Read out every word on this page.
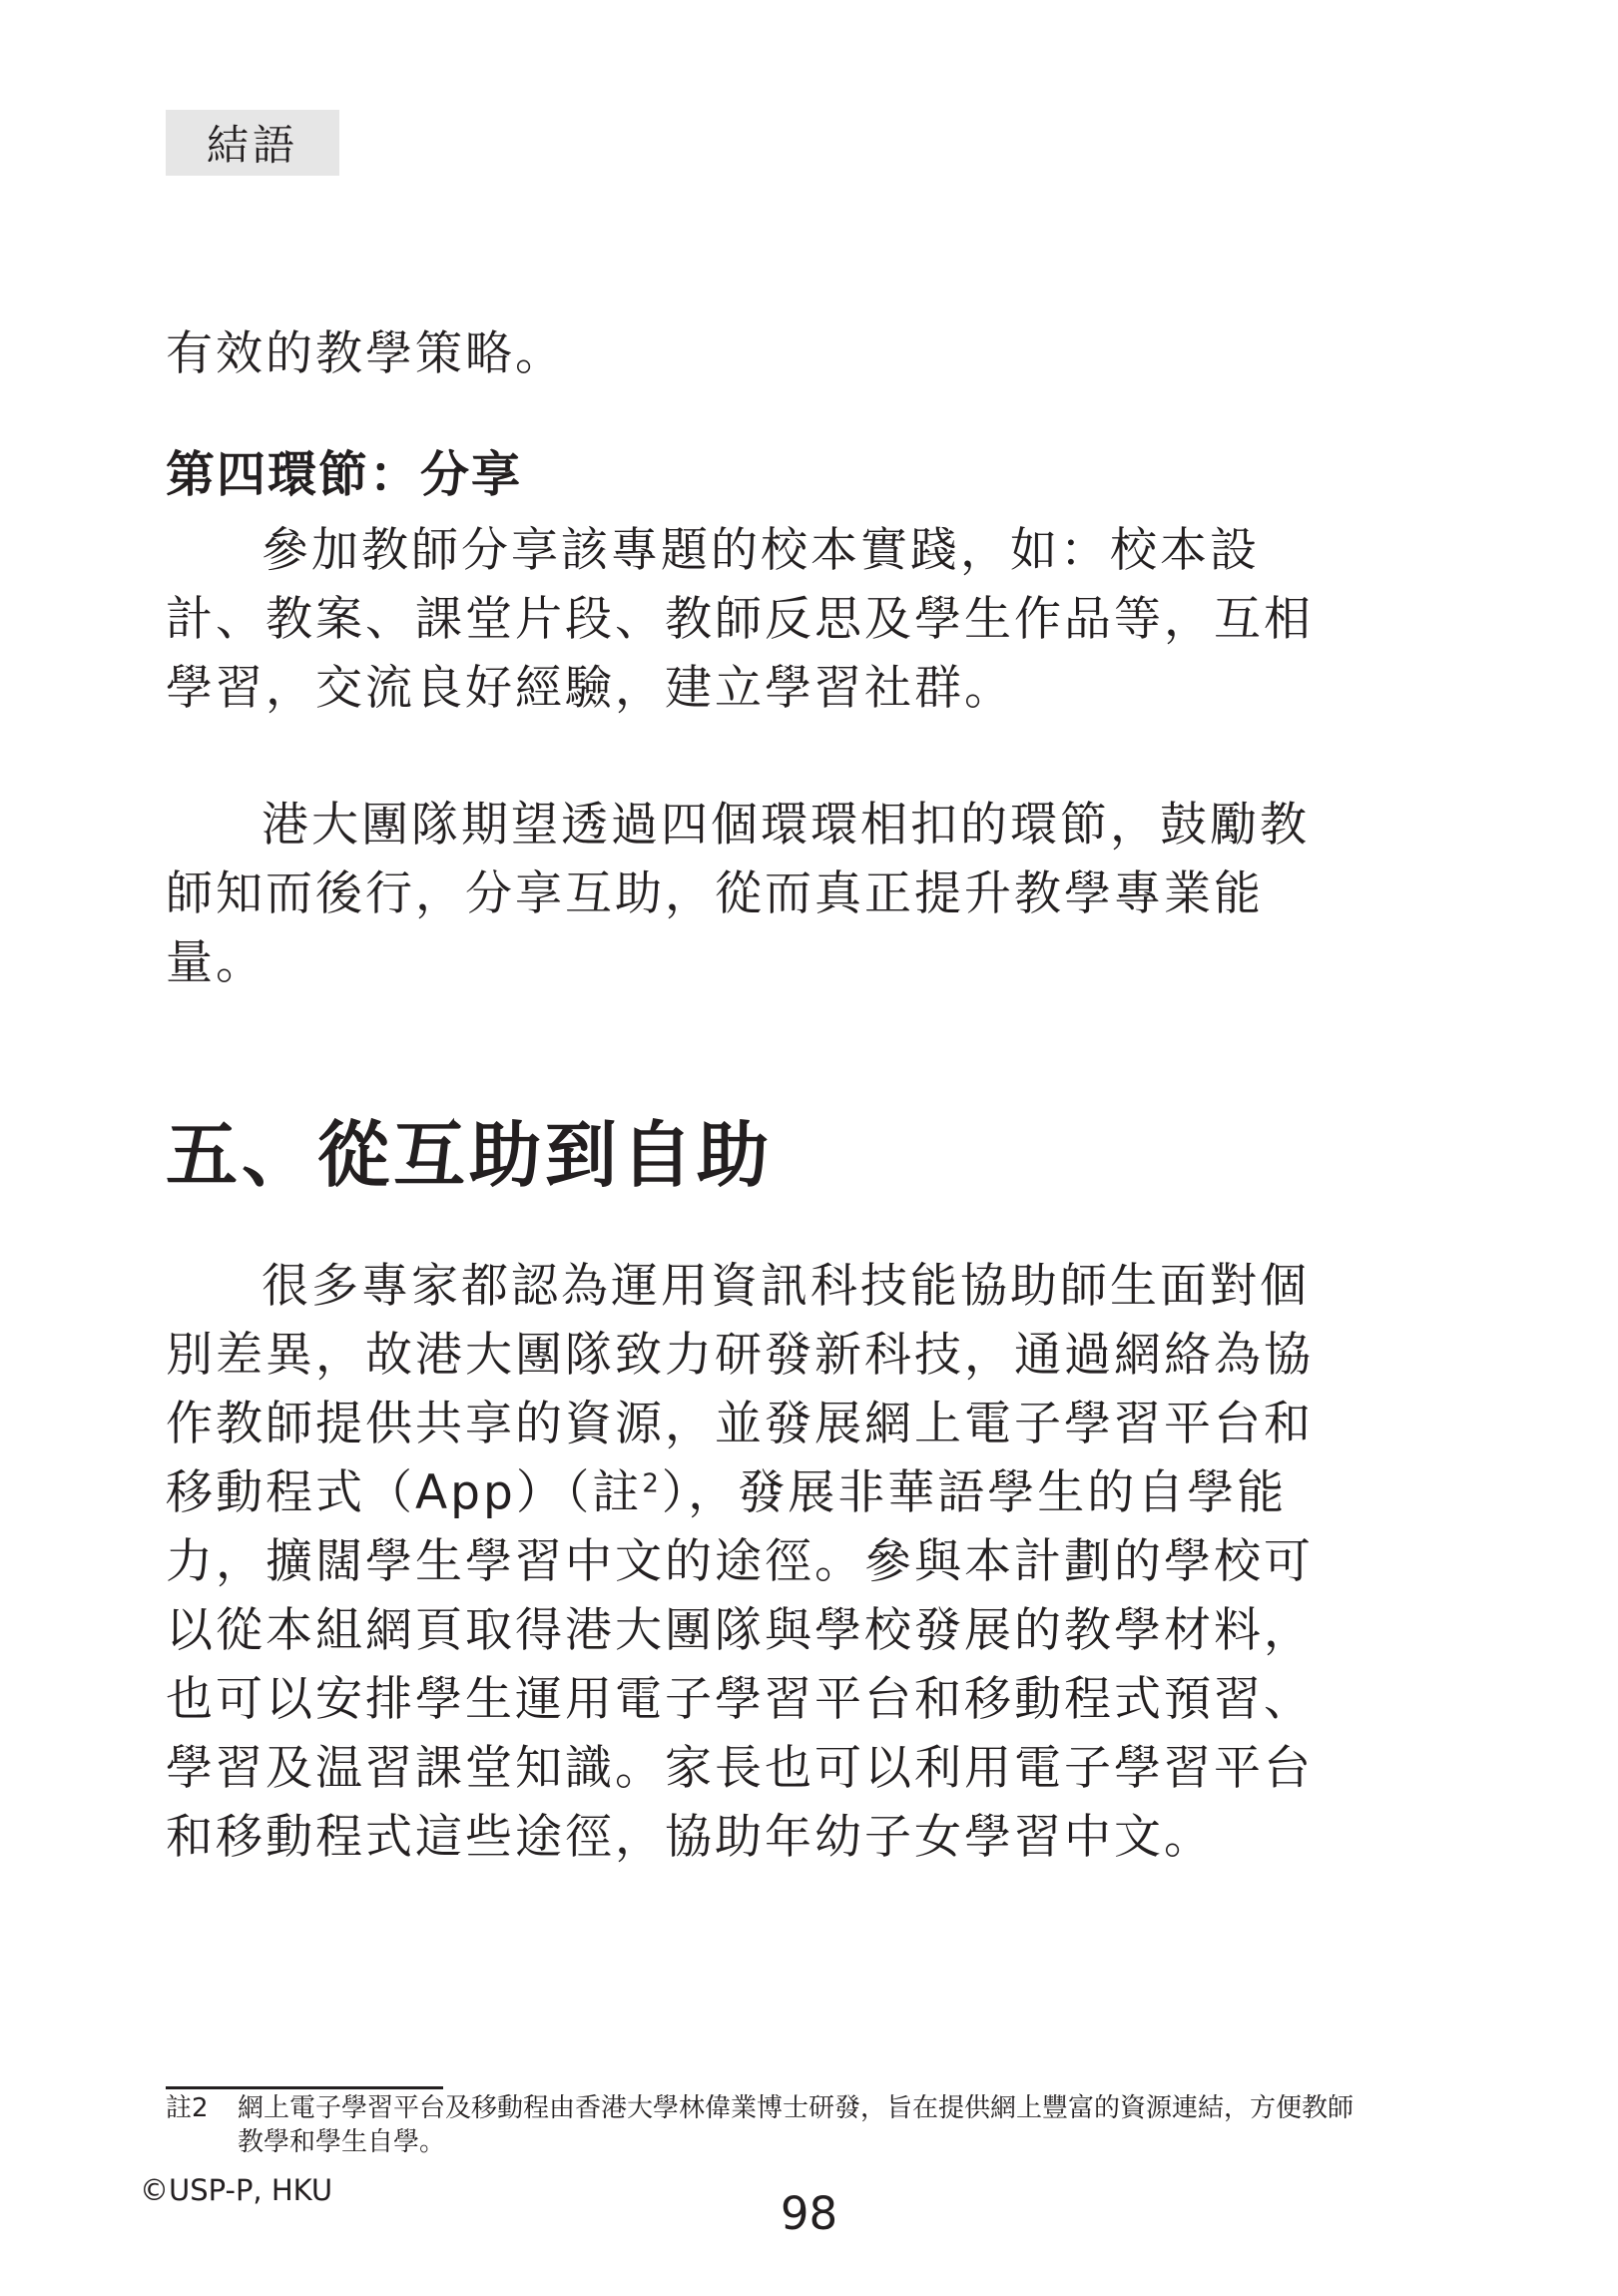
結語

有效的教學策略。

第四環節：分享

參加教師分享該專題的校本實踐，如：校本設計、教案、課堂片段、教師反思及學生作品等，互相學習，交流良好經驗，建立學習社群。

港大團隊期望透過四個環環相扣的環節，鼓勵教師知而後行，分享互助，從而真正提升教學專業能量。

五、從互助到自助

很多專家都認為運用資訊科技能協助師生面對個別差異，故港大團隊致力研發新科技，通過網絡為協作教師提供共享的資源，並發展網上電子學習平台和移動程式（App）（註$^2$），發展非華語學生的自學能力，擴闊學生學習中文的途徑。參與本計劃的學校可以從本組網頁取得港大團隊與學校發展的教學材料，也可以安排學生運用電子學習平台和移動程式預習、學習及温習課堂知識。家長也可以利用電子學習平台和移動程式這些途徑，協助年幼子女學習中文。

註2	網上電子學習平台及移動程由香港大學林偉業博士研發，旨在提供網上豐富的資源連結，方便教師教學和學生自學。
©USP-P, HKU	98
